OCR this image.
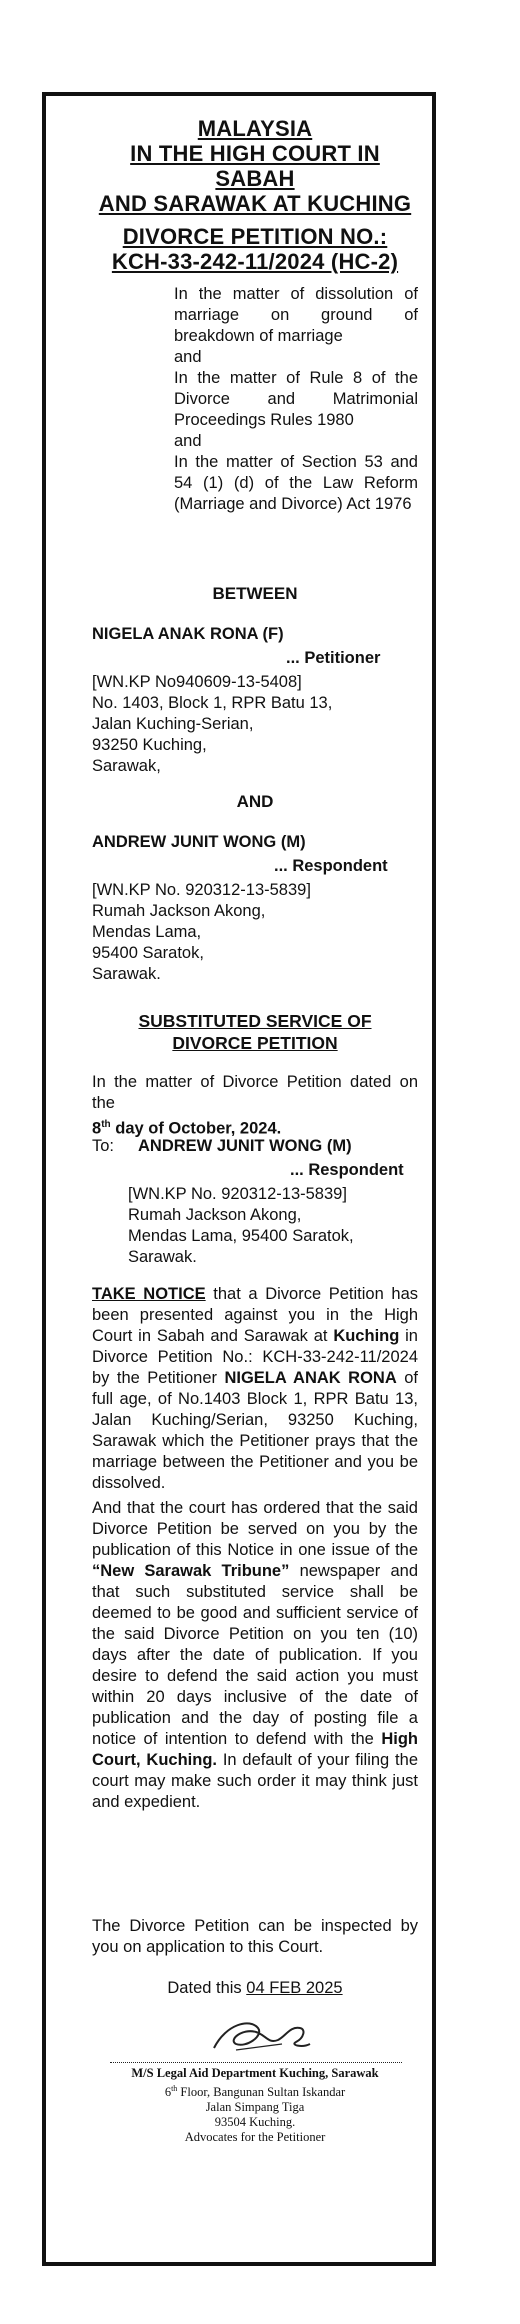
MALAYSIA
IN THE HIGH COURT IN SABAH
AND SARAWAK AT KUCHING
DIVORCE PETITION NO.:
KCH-33-242-11/2024 (HC-2)
In the matter of dissolution of marriage on ground of breakdown of marriage
and
In the matter of Rule 8 of the Divorce and Matrimonial Proceedings Rules 1980
and
In the matter of Section 53 and 54 (1) (d) of the Law Reform (Marriage and Divorce) Act 1976
BETWEEN
NIGELA ANAK RONA (F)
... Petitioner
[WN.KP No940609-13-5408]
No. 1403, Block 1, RPR Batu 13,
Jalan Kuching-Serian,
93250 Kuching,
Sarawak,
AND
ANDREW JUNIT WONG (M)
... Respondent
[WN.KP No. 920312-13-5839]
Rumah Jackson Akong,
Mendas Lama,
95400 Saratok,
Sarawak.
SUBSTITUTED SERVICE OF
DIVORCE PETITION
In the matter of Divorce Petition dated on the
8th day of October, 2024.
To: ANDREW JUNIT WONG (M)
... Respondent
[WN.KP No. 920312-13-5839]
Rumah Jackson Akong,
Mendas Lama, 95400 Saratok,
Sarawak.
TAKE NOTICE that a Divorce Petition has been presented against you in the High Court in Sabah and Sarawak at Kuching in Divorce Petition No.: KCH-33-242-11/2024 by the Petitioner NIGELA ANAK RONA of full age, of No.1403 Block 1, RPR Batu 13, Jalan Kuching/Serian, 93250 Kuching, Sarawak which the Petitioner prays that the marriage between the Petitioner and you be dissolved.
And that the court has ordered that the said Divorce Petition be served on you by the publication of this Notice in one issue of the “New Sarawak Tribune” newspaper and that such substituted service shall be deemed to be good and sufficient service of the said Divorce Petition on you ten (10) days after the date of publication. If you desire to defend the said action you must within 20 days inclusive of the date of publication and the day of posting file a notice of intention to defend with the High Court, Kuching. In default of your filing the court may make such order it may think just and expedient.
The Divorce Petition can be inspected by you on application to this Court.
Dated this 04 FEB 2025
M/S Legal Aid Department Kuching, Sarawak
6th Floor, Bangunan Sultan Iskandar
Jalan Simpang Tiga
93504 Kuching.
Advocates for the Petitioner
